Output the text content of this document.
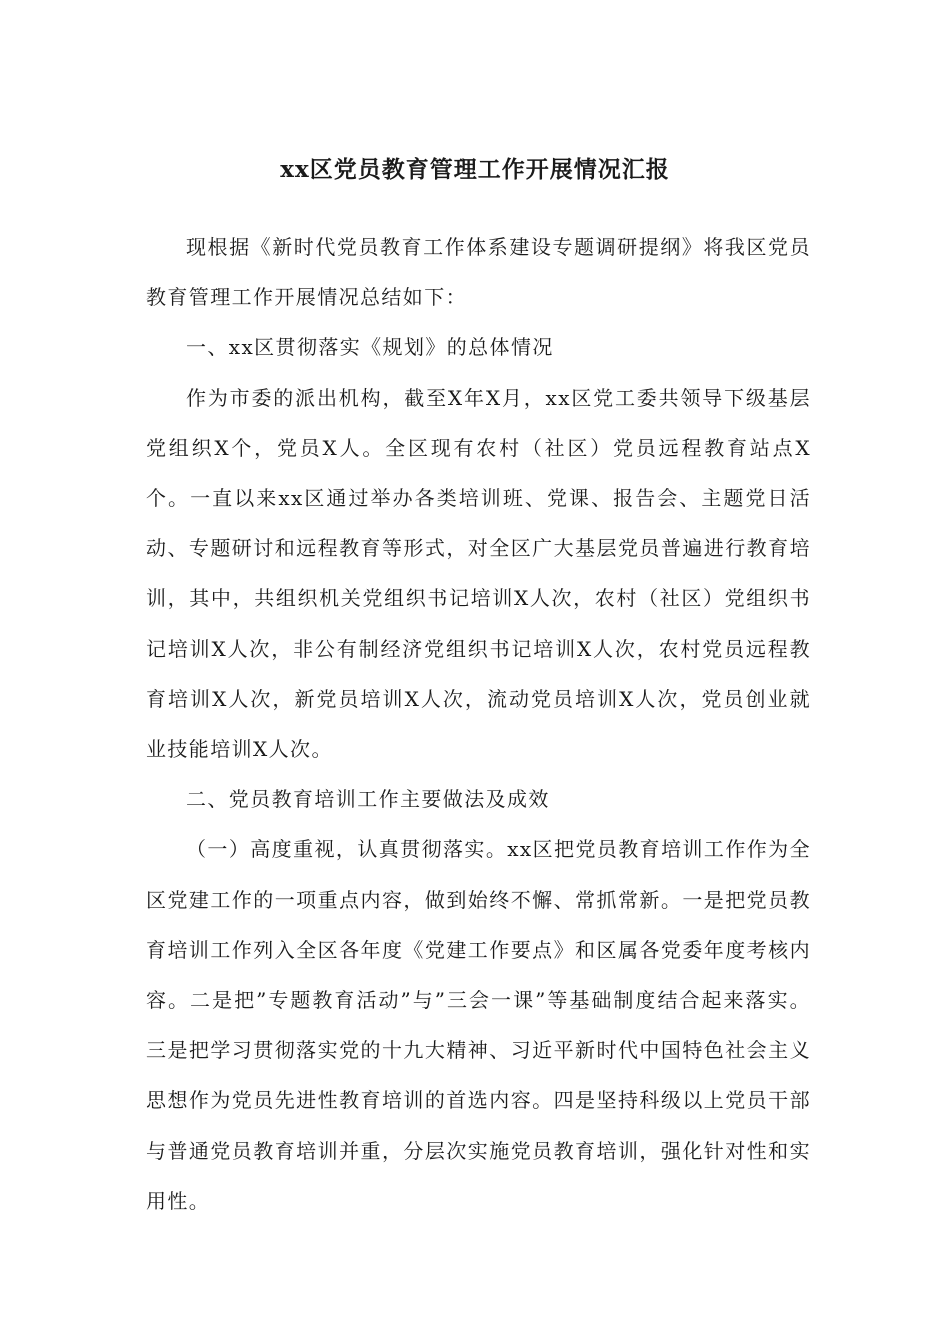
xx区党员教育管理工作开展情况汇报

现根据《新时代党员教育工作体系建设专题调研提纲》将我区党员教育管理工作开展情况总结如下：

一、xx区贯彻落实《规划》的总体情况

作为市委的派出机构，截至X年X月，xx区党工委共领导下级基层党组织X个，党员X人。全区现有农村（社区）党员远程教育站点X个。一直以来xx区通过举办各类培训班、党课、报告会、主题党日活动、专题研讨和远程教育等形式，对全区广大基层党员普遍进行教育培训，其中，共组织机关党组织书记培训X人次，农村（社区）党组织书记培训X人次，非公有制经济党组织书记培训X人次，农村党员远程教育培训X人次，新党员培训X人次，流动党员培训X人次，党员创业就业技能培训X人次。

二、党员教育培训工作主要做法及成效

（一）高度重视，认真贯彻落实。xx区把党员教育培训工作作为全区党建工作的一项重点内容，做到始终不懈、常抓常新。一是把党员教育培训工作列入全区各年度《党建工作要点》和区属各党委年度考核内容。二是把”专题教育活动”与”三会一课”等基础制度结合起来落实。三是把学习贯彻落实党的十九大精神、习近平新时代中国特色社会主义思想作为党员先进性教育培训的首选内容。四是坚持科级以上党员干部与普通党员教育培训并重，分层次实施党员教育培训，强化针对性和实用性。
